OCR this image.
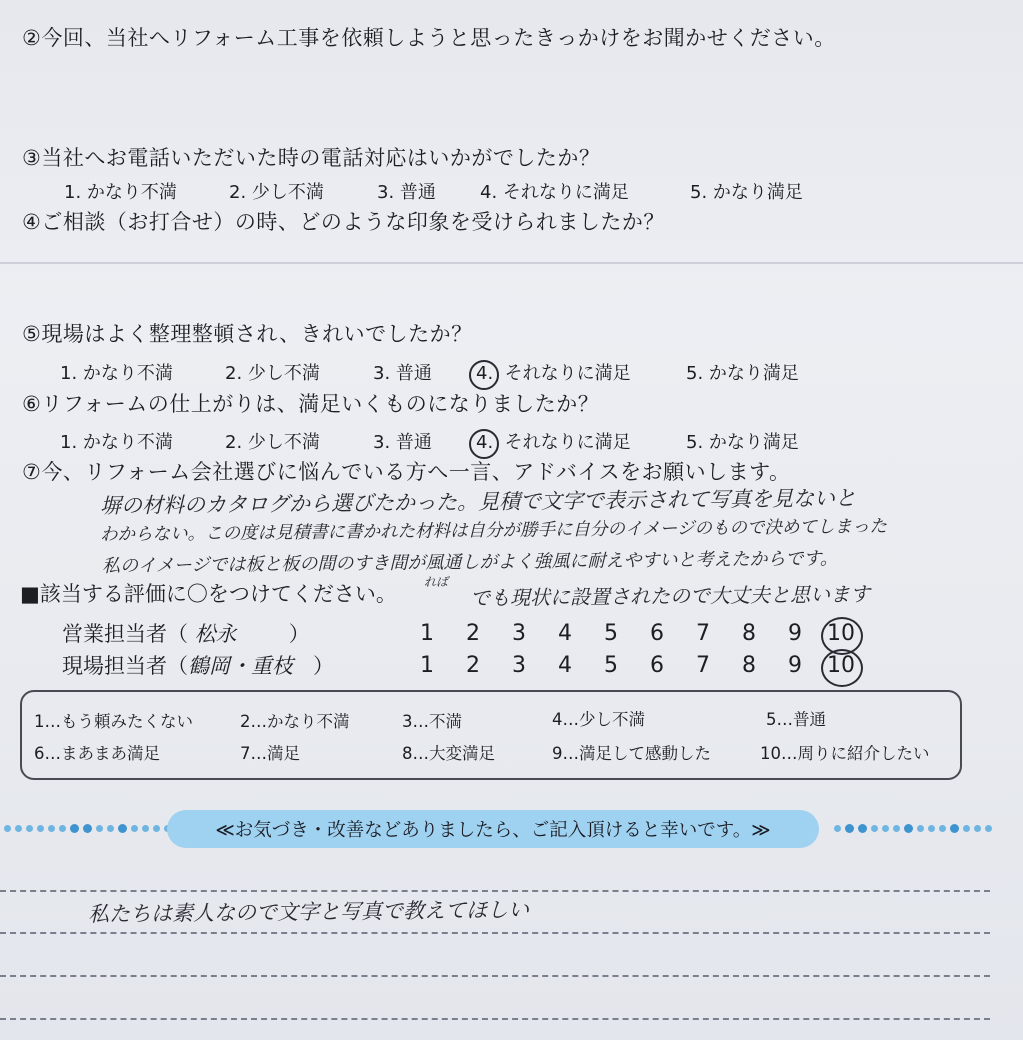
②今回、当社へリフォーム工事を依頼しようと思ったきっかけをお聞かせください。
③当社へお電話いただいた時の電話対応はいかがでしたか？
1. かなり不満	2. 少し不満	3. 普通	4. それなりに満足	5. かなり満足
④ご相談（お打合せ）の時、どのような印象を受けられましたか？
⑤現場はよく整理整頓され、きれいでしたか？
1. かなり不満	2. 少し不満	3. 普通	4. それなりに満足	5. かなり満足
⑥リフォームの仕上がりは、満足いくものになりましたか？
1. かなり不満	2. 少し不満	3. 普通	4. それなりに満足	5. かなり満足
⑦今、リフォーム会社選びに悩んでいる方へ一言、アドバイスをお願いします。
塀の材料のカタログから選びたかった。見積で文字で表示されて写真を見ないと
わからない。この度は見積書に書かれた材料は自分が勝手に自分のイメージのもので決めてしまった
私のイメージでは板と板の間のすき間が風通しがよく強風に耐えやすいと考えたからです。
れば でも現状に設置されたので大丈夫と思います
■該当する評価に〇をつけてください。
営業担当者（ 松永 ）	1	2	3	4	5	6	7	8	9	10
現場担当者（鶴岡・重枝 ）	1	2	3	4	5	6	7	8	9	10
1…もう頼みたくない	2…かなり不満	3…不満	4…少し不満	5…普通
6…まあまあ満足	7…満足	8…大変満足	9…満足して感動した	10…周りに紹介したい
≪お気づき・改善などありましたら、ご記入頂けると幸いです。≫
私たちは素人なので文字と写真で教えてほしい
